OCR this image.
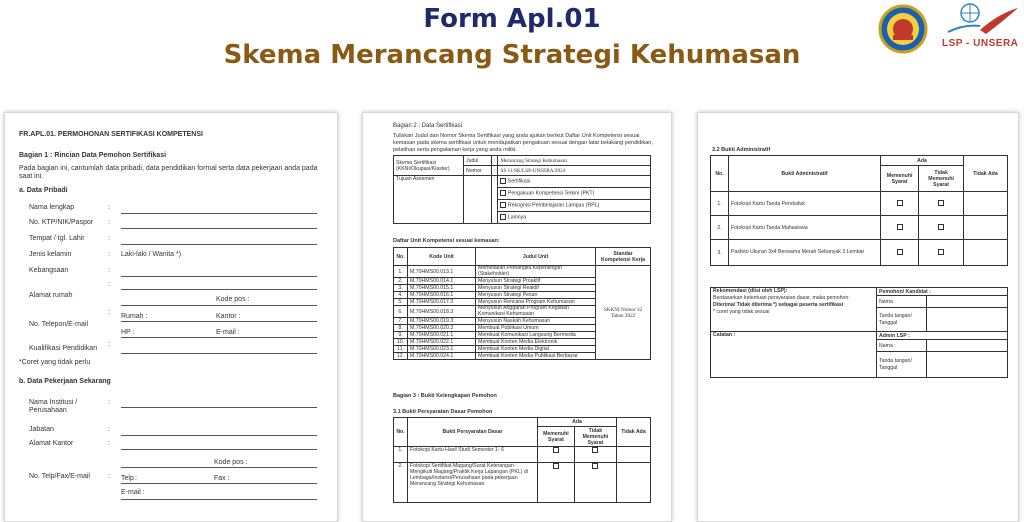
Form Apl.01
Skema Merancang Strategi Kehumasan	LSP - UNSERA
FR.APL.01. PERMOHONAN SERTIFIKASI KOMPETENSI
Bagian 1 : Rincian Data Pemohon Sertifikasi
Pada bagian ini, cantumlah data pribadi, data pendidikan formal serta data pekerjaan anda pada saat ini.
a. Data Pribadi
Nama lengkap	:
No. KTP/NIK/Paspor :
Tempat / tgl. Lahir	:
Jenis kelamin	: Laki-laki / Wanita *)
Kebangsaan	:
:
Alamat rumah
Kode pos :
:
Rumah :	Kantor :
No. Telepon/E-mail
HP :	E-mail :
:
Kualifikasi Pendidikan
*Coret yang tidak perlu
b. Data Pekerjaan Sekarang
Nama Institusi / Perusahaan
:
Jabatan	:
Alamat Kantor	:
Kode pos :
No. Telp/Fax/E-mail	: Telp :	Fax :
E-mail :
Bagian 2 : Data Sertifikasi
Tuliskan Judul dan Nomor Skema Sertifikasi yang anda ajukan berikut Daftar Unit Kompetensi sesuai kemasan pada skema sertifikasi untuk mendapatkan pengakuan sesuai dengan latar belakang pendidikan, pelatihan serta pengalaman kerja yang anda miliki.
Skema Sertifikasi (KKNI/Okupasi/Klaster)	Judul	:	Merancang Strategi Kehumasan
	Nomor	:	SS 11/SK/LSP-UNSERA/2024
Tujuan Asesmen		:	Sertifikasi
			Pengakuan Kompetensi Terkini (PKT)
			Rekognisi Pembelajaran Lampau (RPL)
			Lainnya
Daftar Unit Kompetensi sesuai kemasan:
No.	Kode Unit	Judul Unit	Standar Kompetensi Kerja
1.	M.70HMS00.013.1	Memetakan Pemangku Kepentingan (Stakeholder)	SKKNI Nomor 32 Tahun 2022
2.	M.70HMS00.014.1	Menyusun Strategi Proaktif	
3.	M.70HMS00.015.1	Menyusun Strategi Reaktif	
4.	M.70HMS00.016.1	Menyusun Strategi Pesan	
5.	M.70HMS00.017.3	Menyusun Rencana Program Kehumasan	
6.	M.70HMS00.018.3	Menyusun Anggaran Program Kegiatan Komunikasi Kehumasan	
7.	M.70HMS00.019.3	Menyusun Naskah Kehumasan	
8.	M.70HMS00.020.3	Membuat Publikasi Umum	
9.	M.70HMS00.021.1	Membuat Komunikasi Langsung Bermedia	
10.	M.70HMS00.022.1	Membuat Konten Media Elektronik	
11.	M.70HMS00.023.1	Membuat Konten Media Digital	
12.	M.70HMS00.024.1	Membuat Konten Media Publikasi Berbayar	
Bagian 3 : Bukti Kelengkapan Pemohon
3.1 Bukti Persyaratan Dasar Pemohon
No.	Bukti Persyaratan Dasar	Ada		Tidak Ada
		Memenuhi Syarat	Tidak Memenuhi Syarat	
1.	Fotokopi Kartu Hasil Studi Semester 1- 6			
2.	Fotokopi Sertifikat Magang/Surat Keterangan Mengikuti Magang/Praktik Kerja Lapangan (PKL) di Lembaga/Instansi/Perusahaan pada pekerjaan Merancang Strategi Kehumasan			
3.2 Bukti Administratif
No.	Bukti Administratif	Ada		Tidak Ada
		Memenuhi Syarat	Tidak Memenuhi Syarat	
1.	Fotokopi Kartu Tanda Penduduk			
2.	Fotokopi Kartu Tanda Mahasiswa			
3.	Pasfoto Ukuran 3x4 Berwarna Merah Sebanyak 3 Lembar			
Rekomendasi (diisi oleh LSP):
Berdasarkan ketentuan persyaratan dasar, maka pemohon:
Diterima/ Tidak diterima *) sebagai peserta sertifikasi
* coret yang tidak sesuai	Pemohon/ Kandidat :	
	Nama	
	Tanda tangan/ Tanggal	
Catatan :	Admin LSP :	
	Nama :	
	Tanda tangan/ Tanggal	
